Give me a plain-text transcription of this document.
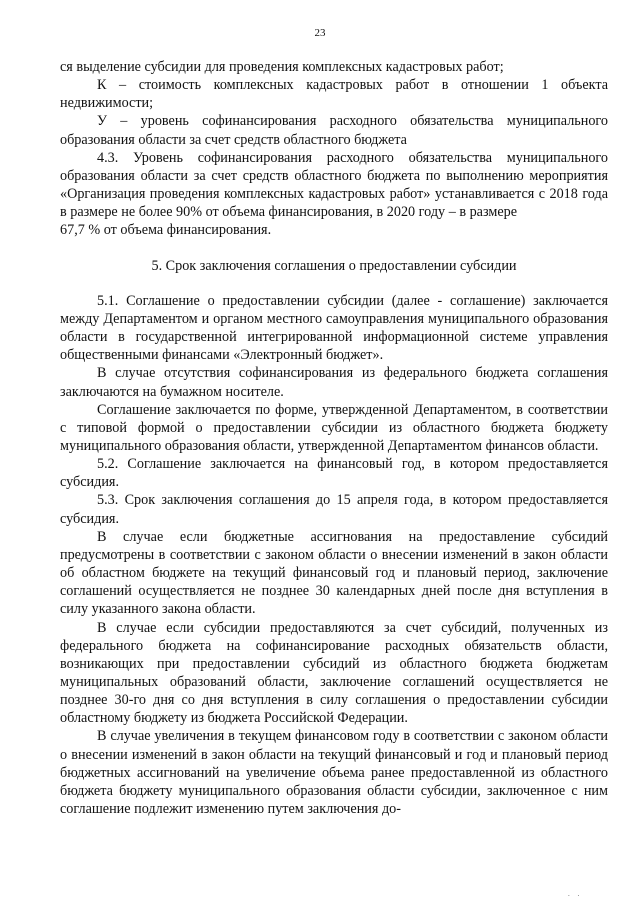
23

ся выделение субсидии для проведения комплексных кадастровых работ;

К – стоимость комплексных кадастровых работ в отношении 1 объекта недвижимости;

У – уровень софинансирования расходного обязательства муниципального образования области за счет средств областного бюджета

4.3. Уровень софинансирования расходного обязательства муниципального образования области за счет средств областного бюджета по выполнению мероприятия «Организация проведения комплексных кадастровых работ» устанавливается с 2018 года в размере не более 90% от объема финансирования, в 2020 году – в размере

67,7 % от объема финансирования.

5. Срок заключения соглашения о предоставлении субсидии

5.1. Соглашение о предоставлении субсидии (далее - соглашение) заключается между Департаментом и органом местного самоуправления муниципального образования области в государственной интегрированной информационной системе управления общественными финансами «Электронный бюджет».

В случае отсутствия софинансирования из федерального бюджета соглашения заключаются на бумажном носителе.

Соглашение заключается по форме, утвержденной Департаментом, в соответствии с типовой формой о предоставлении субсидии из областного бюджета бюджету муниципального образования области, утвержденной Департаментом финансов области.

5.2. Соглашение заключается на финансовый год, в котором предоставляется субсидия.

5.3. Срок заключения соглашения до 15 апреля года, в котором предоставляется субсидия.

В случае если бюджетные ассигнования на предоставление субсидий предусмотрены в соответствии с законом области о внесении изменений в закон области об областном бюджете на текущий финансовый год и плановый период, заключение соглашений осуществляется не позднее 30 календарных дней после дня вступления в силу указанного закона области.

В случае если субсидии предоставляются за счет субсидий, полученных из федерального бюджета на софинансирование расходных обязательств области, возникающих при предоставлении субсидий из областного бюджета бюджетам муниципальных образований области, заключение соглашений осуществляется не позднее 30-го дня со дня вступления в силу соглашения о предоставлении субсидии областному бюджету из бюджета Российской Федерации.

В случае увеличения в текущем финансовом году в соответствии с законом области о внесении изменений в закон области на текущий финансовый и год и плановый период бюджетных ассигнований на увеличение объема ранее предоставленной из областного бюджета бюджету муниципального образования области субсидии, заключенное с ним соглашение подлежит изменению путем заключения до-

. .
